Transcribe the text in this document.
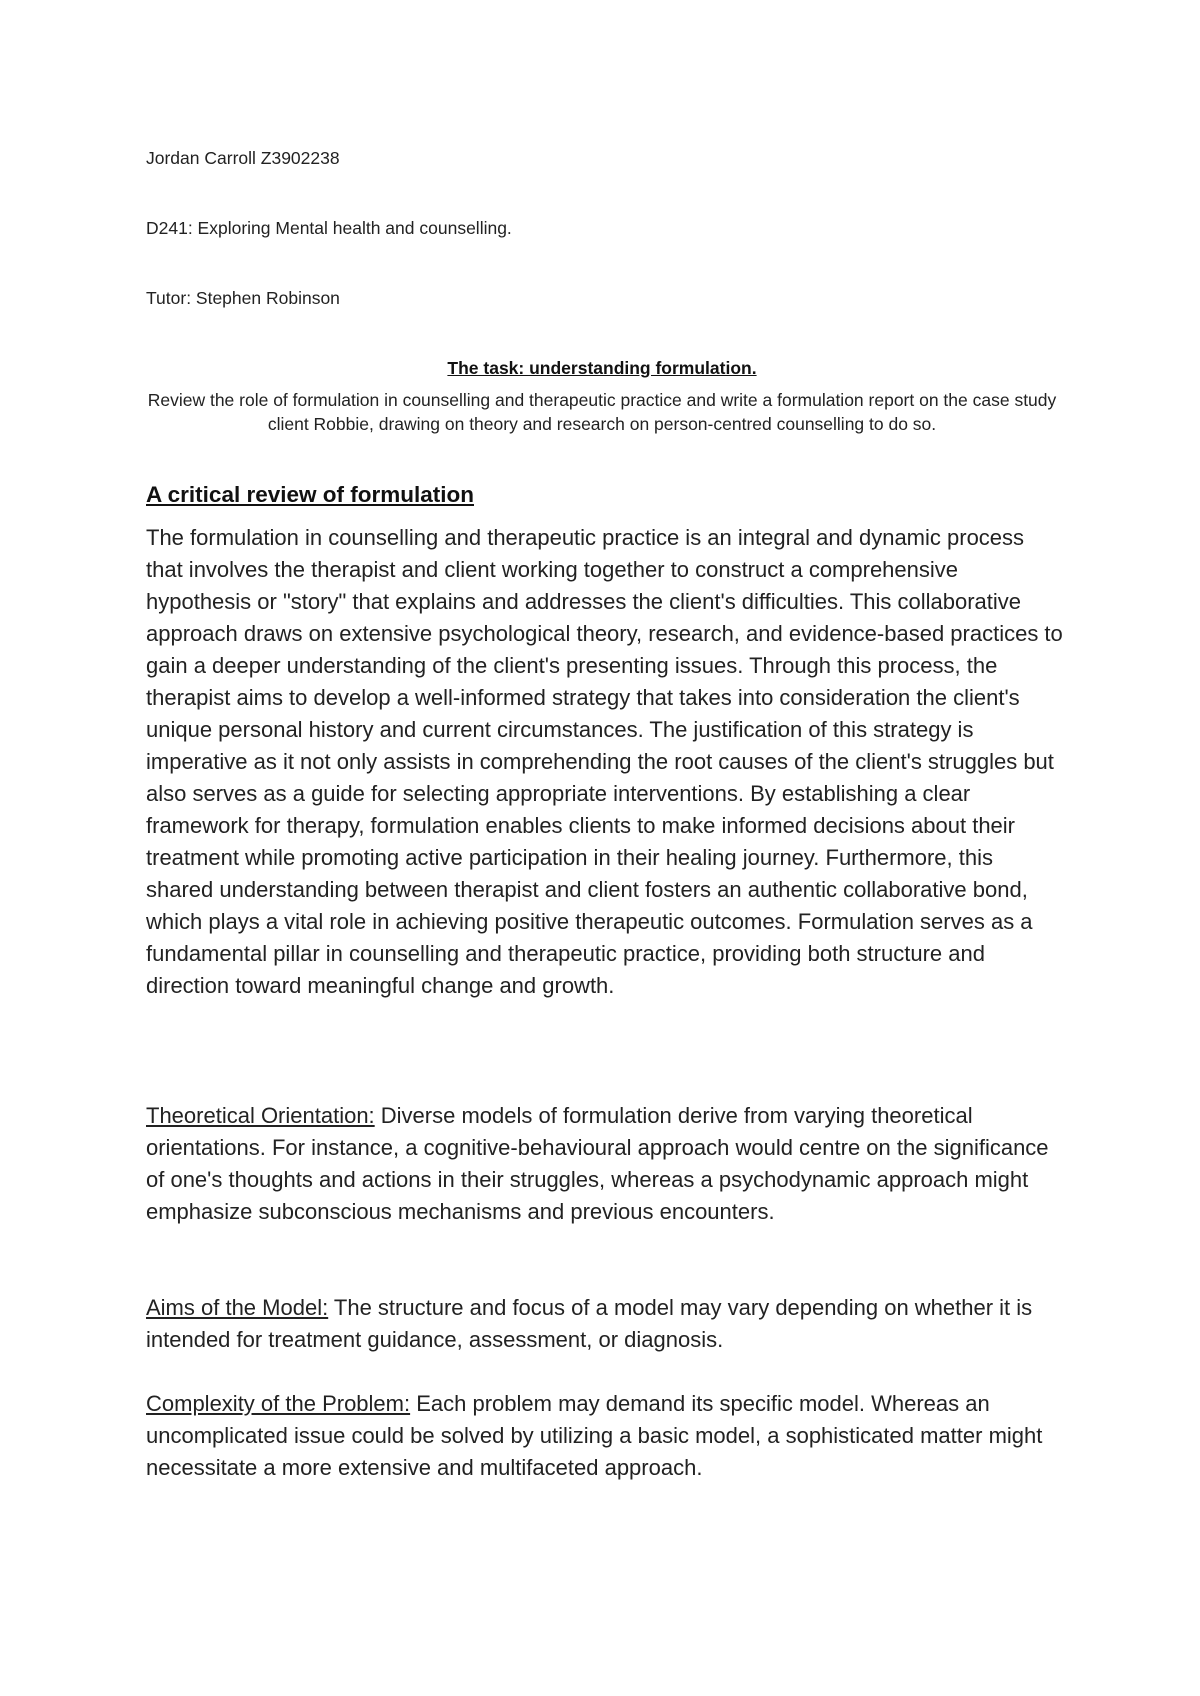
Jordan Carroll Z3902238
D241: Exploring Mental health and counselling.
Tutor: Stephen Robinson
The task: understanding formulation.
Review the role of formulation in counselling and therapeutic practice and write a formulation report on the case study client Robbie, drawing on theory and research on person-centred counselling to do so.
A critical review of formulation
The formulation in counselling and therapeutic practice is an integral and dynamic process that involves the therapist and client working together to construct a comprehensive hypothesis or "story" that explains and addresses the client's difficulties. This collaborative approach draws on extensive psychological theory, research, and evidence-based practices to gain a deeper understanding of the client's presenting issues. Through this process, the therapist aims to develop a well-informed strategy that takes into consideration the client's unique personal history and current circumstances. The justification of this strategy is imperative as it not only assists in comprehending the root causes of the client's struggles but also serves as a guide for selecting appropriate interventions. By establishing a clear framework for therapy, formulation enables clients to make informed decisions about their treatment while promoting active participation in their healing journey. Furthermore, this shared understanding between therapist and client fosters an authentic collaborative bond, which plays a vital role in achieving positive therapeutic outcomes. Formulation serves as a fundamental pillar in counselling and therapeutic practice, providing both structure and direction toward meaningful change and growth.
Theoretical Orientation: Diverse models of formulation derive from varying theoretical orientations. For instance, a cognitive-behavioural approach would centre on the significance of one's thoughts and actions in their struggles, whereas a psychodynamic approach might emphasize subconscious mechanisms and previous encounters.
Aims of the Model: The structure and focus of a model may vary depending on whether it is intended for treatment guidance, assessment, or diagnosis.
Complexity of the Problem: Each problem may demand its specific model. Whereas an uncomplicated issue could be solved by utilizing a basic model, a sophisticated matter might necessitate a more extensive and multifaceted approach.
